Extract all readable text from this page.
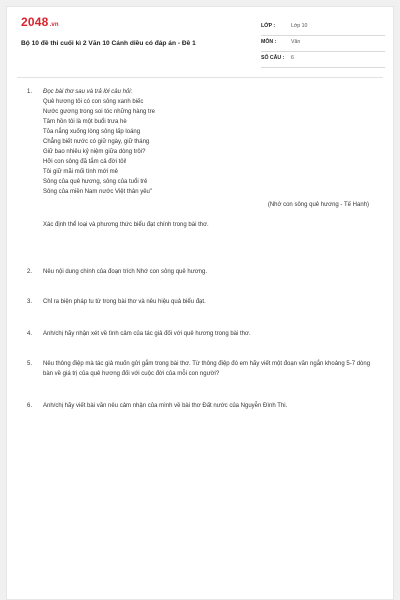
2048.vn
Bộ 10 đề thi cuối kì 2 Văn 10 Cánh diều có đáp án - Đề 1
LỚP :	Lớp 10
MÔN :	Văn
SỐ CÂU : 6
1. Đọc bài thơ sau và trả lời câu hỏi:
Quê hương tôi có con sông xanh biếc
Nước gương trong soi tóc những hàng tre
Tâm hồn tôi là một buổi trưa hè
Tỏa nắng xuống lòng sông lấp loáng
Chẳng biết nước có giữ ngày, giữ tháng
Giữ bao nhiêu kỷ niệm giữa dòng trôi?
Hỡi con sông đã tắm cả đời tôi!
Tôi giữ mãi mối tình mới mẻ
Sông của quê hương, sông của tuổi trẻ
Sông của miền Nam nước Việt thân yêu"
(Nhớ con sông quê hương - Tế Hanh)
Xác định thể loại và phương thức biểu đạt chính trong bài thơ.
2. Nêu nội dung chính của đoạn trích Nhớ con sông quê hương.
3. Chỉ ra biện pháp tu từ trong bài thơ và nêu hiệu quả biểu đạt.
4. Anh/chị hãy nhận xét về tình cảm của tác giả đối với quê hương trong bài thơ.
5. Nêu thông điệp mà tác giả muốn gửi gắm trong bài thơ. Từ thông điệp đó em hãy viết một đoạn văn ngắn khoảng 5-7 dòng bàn về giá trị của quê hương đối với cuộc đời của mỗi con người?
6. Anh/chị hãy viết bài văn nêu cảm nhận của mình về bài thơ Đất nước của Nguyễn Đình Thi.
